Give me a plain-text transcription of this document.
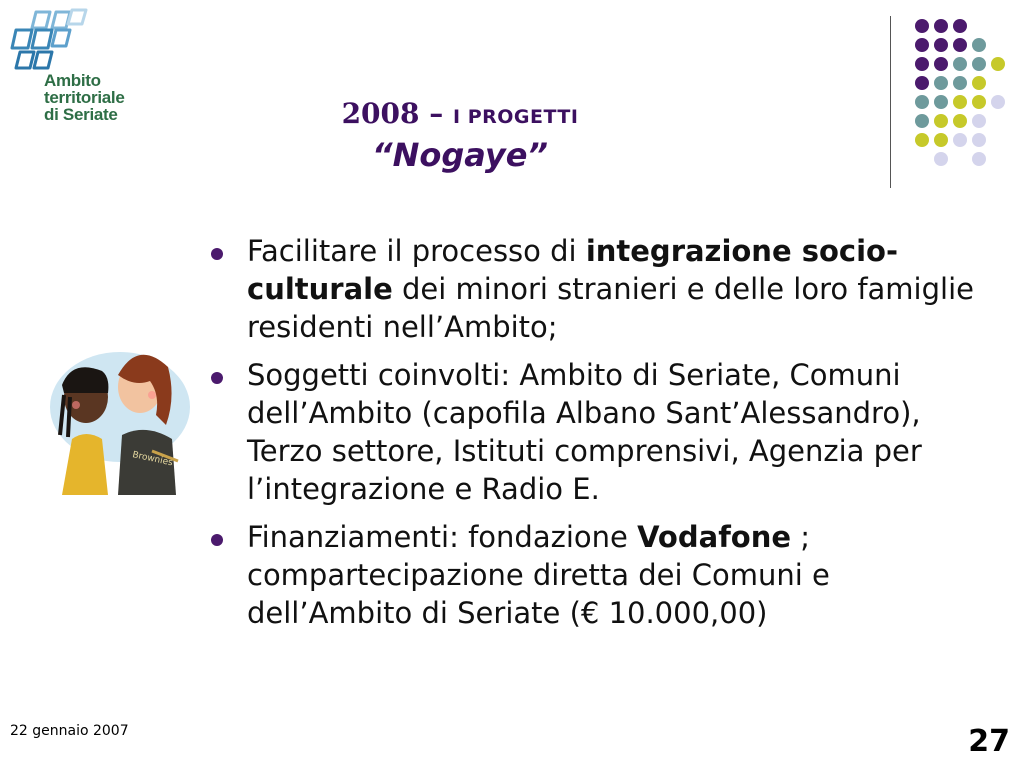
Ambito
territoriale
di Seriate	2008 – I PROGETTI
“Nogaye”
Brownies
Facilitare il processo di integrazione socio-culturale dei minori stranieri e delle loro famiglie residenti nell’Ambito;
Soggetti coinvolti: Ambito di Seriate, Comuni dell’Ambito (capofila Albano Sant’Alessandro), Terzo settore, Istituti comprensivi, Agenzia per l’integrazione e Radio E.
Finanziamenti: fondazione Vodafone ; compartecipazione diretta dei Comuni e dell’Ambito di Seriate (€ 10.000,00)
22 gennaio 2007	27
